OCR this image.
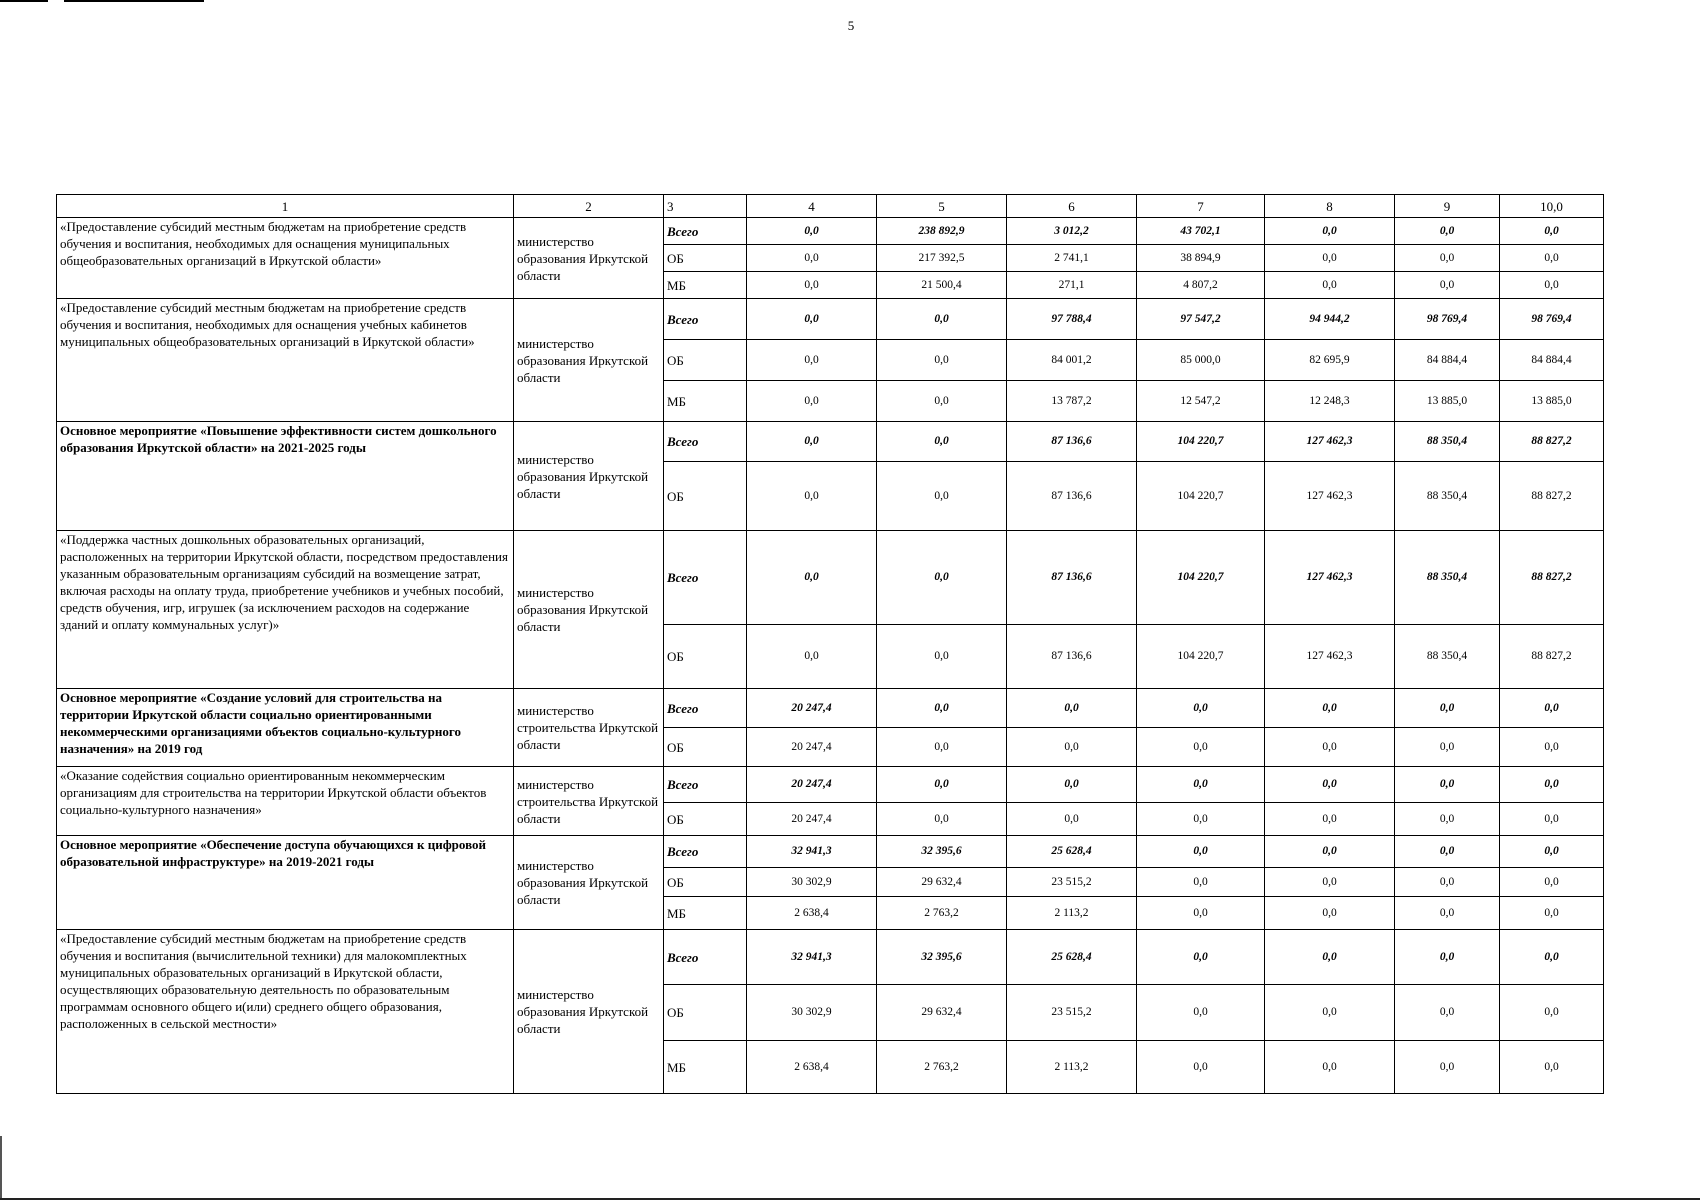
5
1	2	3	4	5	6	7	8	9	10,0
«Предоставление субсидий местным бюджетам на приобретение средств обучения и воспитания, необходимых для оснащения муниципальных общеобразовательных организаций в Иркутской области»	министерство образования Иркутской области	Всего	0,0	238 892,9	3 012,2	43 702,1	0,0	0,0	0,0
		ОБ	0,0	217 392,5	2 741,1	38 894,9	0,0	0,0	0,0
		МБ	0,0	21 500,4	271,1	4 807,2	0,0	0,0	0,0
«Предоставление субсидий местным бюджетам на приобретение средств обучения и воспитания, необходимых для оснащения учебных кабинетов муниципальных общеобразовательных организаций в Иркутской области»	министерство образования Иркутской области	Всего	0,0	0,0	97 788,4	97 547,2	94 944,2	98 769,4	98 769,4
		ОБ	0,0	0,0	84 001,2	85 000,0	82 695,9	84 884,4	84 884,4
		МБ	0,0	0,0	13 787,2	12 547,2	12 248,3	13 885,0	13 885,0
Основное мероприятие «Повышение эффективности систем дошкольного образования Иркутской области» на 2021-2025 годы	министерство образования Иркутской области	Всего	0,0	0,0	87 136,6	104 220,7	127 462,3	88 350,4	88 827,2
		ОБ	0,0	0,0	87 136,6	104 220,7	127 462,3	88 350,4	88 827,2
«Поддержка частных дошкольных образовательных организаций, расположенных на территории Иркутской области, посредством предоставления указанным образовательным организациям субсидий на возмещение затрат, включая расходы на оплату труда, приобретение учебников и учебных пособий, средств обучения, игр, игрушек (за исключением расходов на содержание зданий и оплату коммунальных услуг)»	министерство образования Иркутской области	Всего	0,0	0,0	87 136,6	104 220,7	127 462,3	88 350,4	88 827,2
		ОБ	0,0	0,0	87 136,6	104 220,7	127 462,3	88 350,4	88 827,2
Основное мероприятие «Создание условий для строительства на территории Иркутской области социально ориентированными некоммерческими организациями объектов социально-культурного назначения» на 2019 год	министерство строительства Иркутской области	Всего	20 247,4	0,0	0,0	0,0	0,0	0,0	0,0
		ОБ	20 247,4	0,0	0,0	0,0	0,0	0,0	0,0
«Оказание содействия социально ориентированным некоммерческим организациям для строительства на территории Иркутской области объектов социально-культурного назначения»	министерство строительства Иркутской области	Всего	20 247,4	0,0	0,0	0,0	0,0	0,0	0,0
		ОБ	20 247,4	0,0	0,0	0,0	0,0	0,0	0,0
Основное мероприятие «Обеспечение доступа обучающихся к цифровой образовательной инфраструктуре» на 2019-2021 годы	министерство образования Иркутской области	Всего	32 941,3	32 395,6	25 628,4	0,0	0,0	0,0	0,0
		ОБ	30 302,9	29 632,4	23 515,2	0,0	0,0	0,0	0,0
		МБ	2 638,4	2 763,2	2 113,2	0,0	0,0	0,0	0,0
«Предоставление субсидий местным бюджетам на приобретение средств обучения и воспитания (вычислительной техники) для малокомплектных муниципальных образовательных организаций в Иркутской области, осуществляющих образовательную деятельность по образовательным программам основного общего и(или) среднего общего образования, расположенных в сельской местности»	министерство образования Иркутской области	Всего	32 941,3	32 395,6	25 628,4	0,0	0,0	0,0	0,0
		ОБ	30 302,9	29 632,4	23 515,2	0,0	0,0	0,0	0,0
		МБ	2 638,4	2 763,2	2 113,2	0,0	0,0	0,0	0,0
